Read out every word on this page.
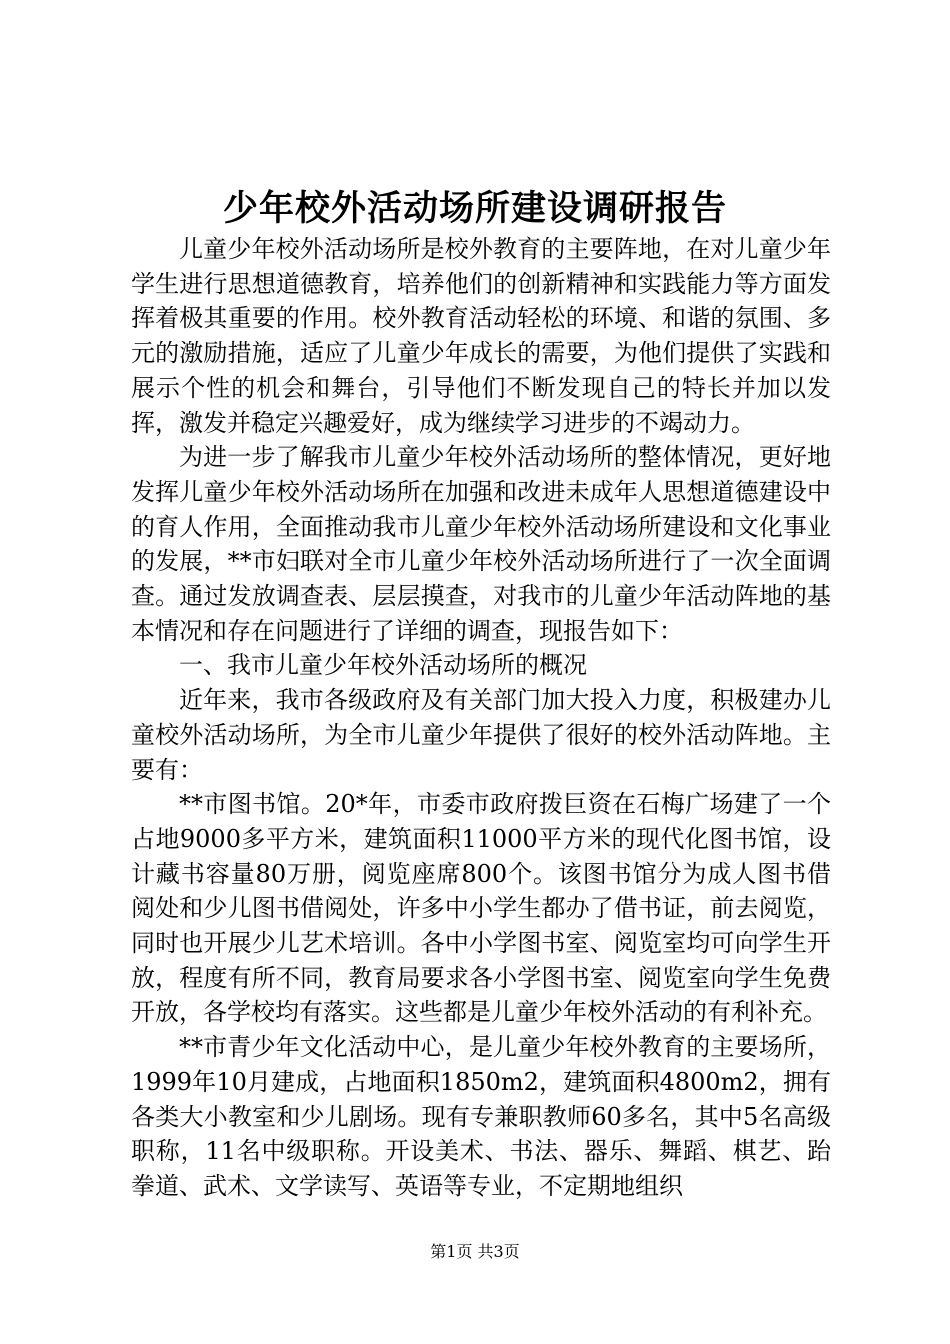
少年校外活动场所建设调研报告

儿童少年校外活动场所是校外教育的主要阵地，在对儿童少年学生进行思想道德教育，培养他们的创新精神和实践能力等方面发挥着极其重要的作用。校外教育活动轻松的环境、和谐的氛围、多元的激励措施，适应了儿童少年成长的需要，为他们提供了实践和展示个性的机会和舞台，引导他们不断发现自己的特长并加以发挥，激发并稳定兴趣爱好，成为继续学习进步的不竭动力。

为进一步了解我市儿童少年校外活动场所的整体情况，更好地发挥儿童少年校外活动场所在加强和改进未成年人思想道德建设中的育人作用，全面推动我市儿童少年校外活动场所建设和文化事业的发展，**市妇联对全市儿童少年校外活动场所进行了一次全面调查。通过发放调查表、层层摸查，对我市的儿童少年活动阵地的基本情况和存在问题进行了详细的调查，现报告如下：

一、我市儿童少年校外活动场所的概况

近年来，我市各级政府及有关部门加大投入力度，积极建办儿童校外活动场所，为全市儿童少年提供了很好的校外活动阵地。主要有：

**市图书馆。20*年，市委市政府拨巨资在石梅广场建了一个占地9000多平方米，建筑面积11000平方米的现代化图书馆，设计藏书容量80万册，阅览座席800个。该图书馆分为成人图书借阅处和少儿图书借阅处，许多中小学生都办了借书证，前去阅览，同时也开展少儿艺术培训。各中小学图书室、阅览室均可向学生开放，程度有所不同，教育局要求各小学图书室、阅览室向学生免费开放，各学校均有落实。这些都是儿童少年校外活动的有利补充。

**市青少年文化活动中心，是儿童少年校外教育的主要场所，1999年10月建成，占地面积1850m2，建筑面积4800m2，拥有各类大小教室和少儿剧场。现有专兼职教师60多名，其中5名高级职称，11名中级职称。开设美术、书法、器乐、舞蹈、棋艺、跆拳道、武术、文学读写、英语等专业，不定期地组织

第1页 共3页
